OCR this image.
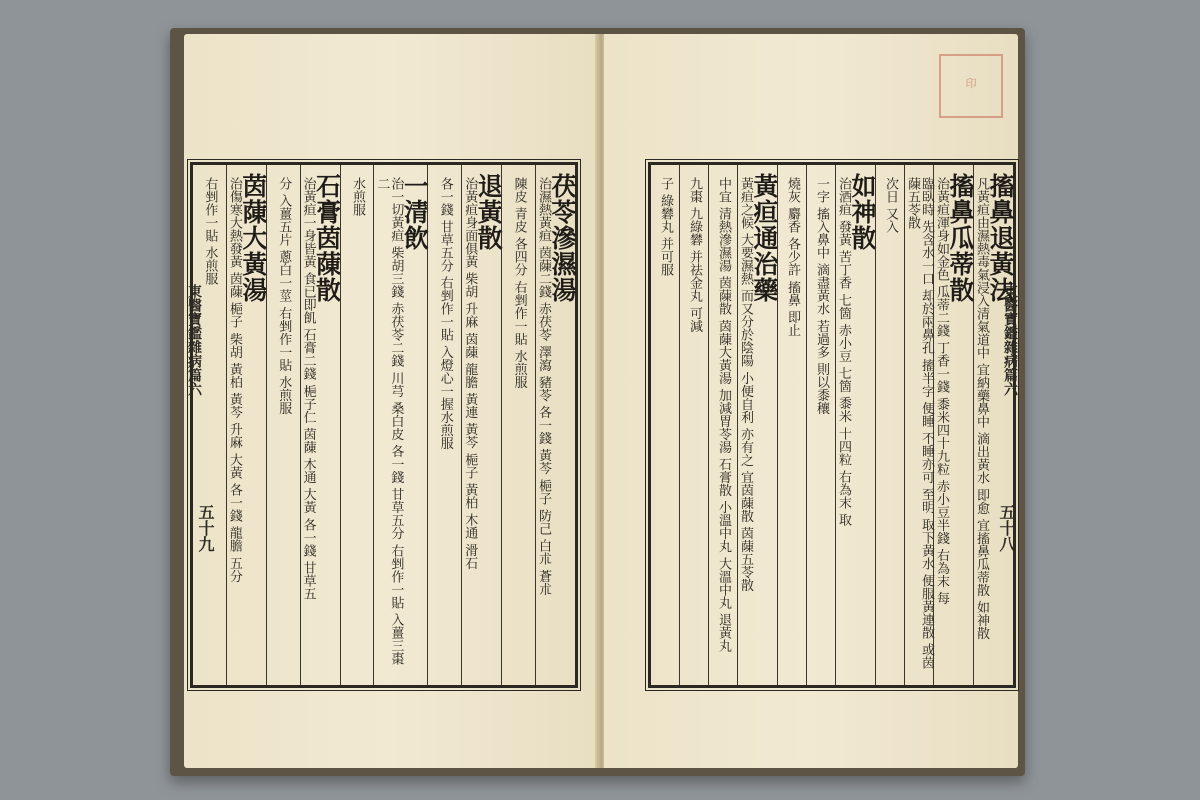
東醫寶鑑雜病篇六
五十九
茯苓滲濕湯
治濕熱黃疸 茵蔯二錢 赤茯苓 澤瀉 豬苓 各一錢 黃芩 梔子 防己 白朮 蒼朮
陳皮 青皮 各四分 右剉作一貼 水煎服
退黃散
治黃疸身面俱黃 柴胡 升麻 茵蔯 龍膽 黃連 黃芩 梔子 黃柏 木通 滑石
各一錢 甘草五分 右剉作一貼 入燈心一握水煎服
一清飲
治一切黃疸 柴胡三錢 赤茯苓二錢 川芎 桑白皮 各一錢 甘草五分 右剉作一貼 入薑三棗二
水煎服
石膏茵蔯散
治黃疸一身皆黃 食已即飢 石膏二錢 梔子仁 茵蔯 木通 大黃 各一錢 甘草五
分 入薑五片 蔥白一莖 右剉作一貼 水煎服
茵蔯大黃湯
治傷寒大熱發黃 茵蔯 梔子 柴胡 黃柏 黃芩 升麻 大黃 各一錢 龍膽 五分
右剉作一貼 水煎服
印
東醫寶鑑雜病篇六
五十八
搐鼻退黃法
凡黃疸由濕熱毒氣浸入清氣道中 宜納藥鼻中 滴出黃水 即愈 宜搐鼻瓜蒂散 如神散
搐鼻瓜蒂散
治黃疸渾身如金色 瓜蒂二錢 丁香一錢 黍米四十九粒 赤小豆半錢 右為末 每
臨臥時 先含水一口 却於兩鼻孔 搐半字 便睡 不睡亦可 至明 取下黃水 便服黃連散 或茵蔯五苓散
次日 又入
如神散
治酒疸 發黃 苦丁香 七箇 赤小豆 七箇 黍米 十四粒 右為末 取
一字 搐入鼻中 滴盡黃水 若過多 則以黍穰
燒灰 麝香 各少許 搐鼻 即止
黃疸通治藥
黃疸之候 大要濕熱 而又分於陰陽 小便自利 亦有之 宜茵蔯散 茵蔯五苓散
中宜 清熱滲濕湯 茵蔯散 茵蔯大黃湯 加減胃苓湯 石膏散 小溫中丸 大溫中丸 退黃丸
九棗 九綠礬 并祛金丸 可減
子 綠礬丸 并可服
